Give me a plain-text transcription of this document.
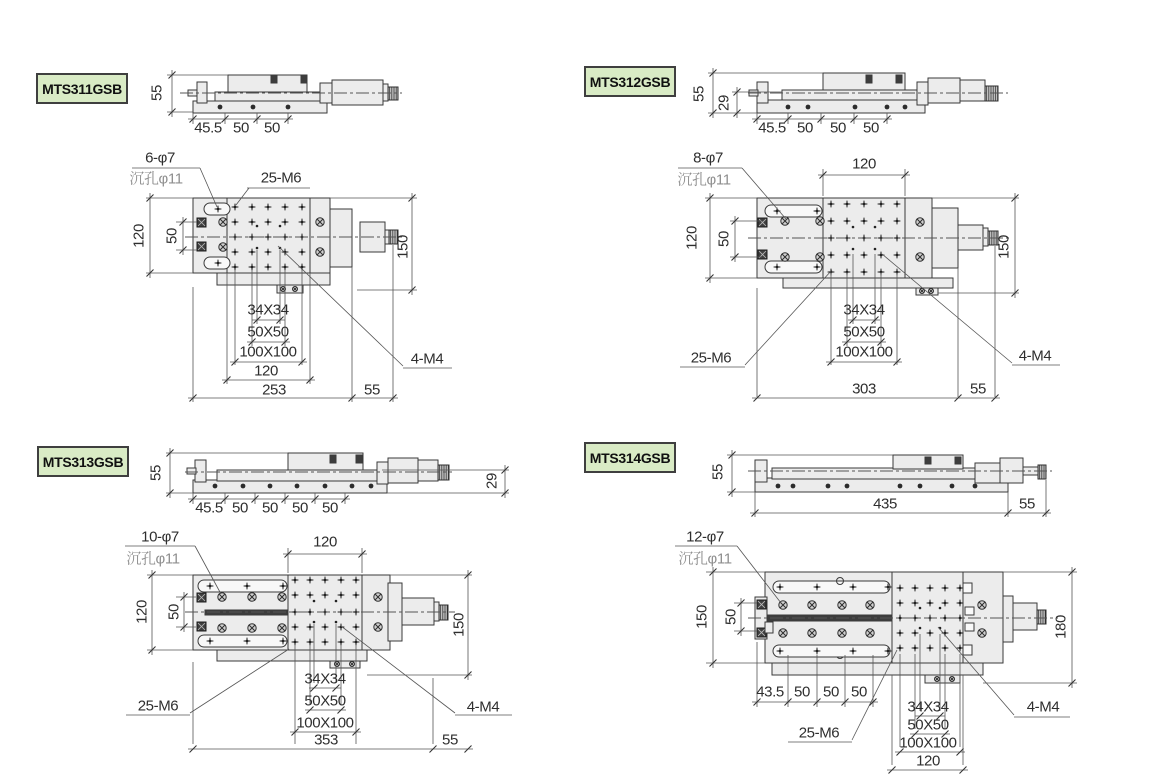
55
45.5 50 50
6-φ7
沉孔φ11	25-M6
4-M4
120 50	150
34X34
50X50
100X100
120
253	55
55
29
45.5 50 50 50
8-φ7
沉孔φ11
120
120 50	150
34X34
50X50
100X100
303	55
25-M6	4-M4
55
29
45.5 50 50 50 50
10-φ7
沉孔φ11
120
120 50
150
34X34
50X50
100X100
353	55
25-M6	4-M4
55
435	55
12-φ7
沉孔φ11
150 50	180
43.5 50 50 50
34X34
50X50
100X100
120
25-M6
4-M4
MTS311GSB	MTS312GSB
MTS313GSB	MTS314GSB
